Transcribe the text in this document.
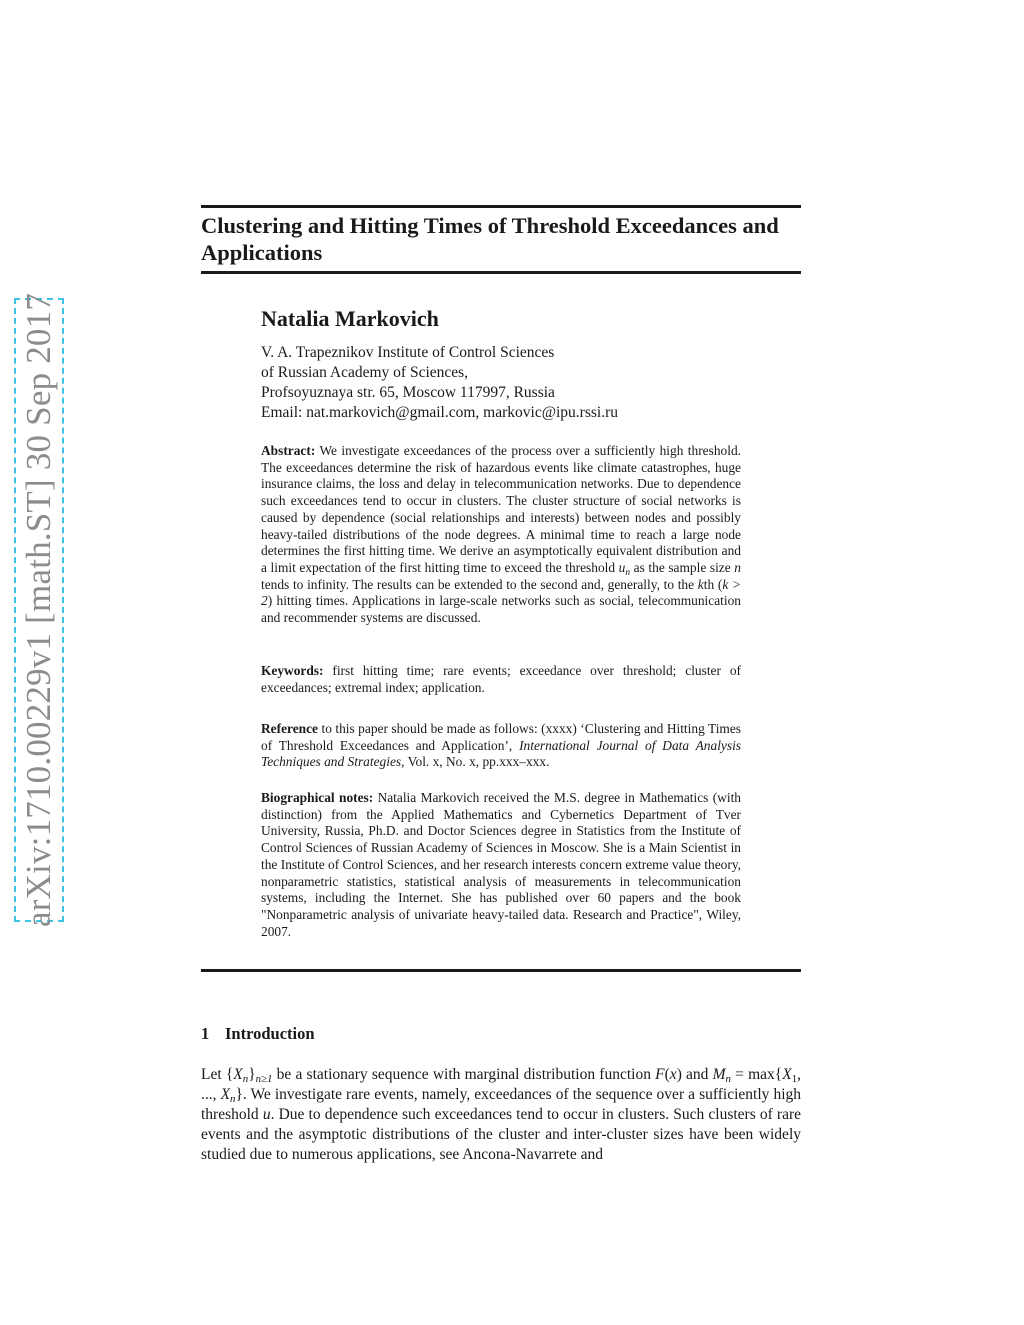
arXiv:1710.00229v1 [math.ST] 30 Sep 2017
Clustering and Hitting Times of Threshold Exceedances and Applications
Natalia Markovich
V. A. Trapeznikov Institute of Control Sciences
of Russian Academy of Sciences,
Profsoyuznaya str. 65, Moscow 117997, Russia
Email: nat.markovich@gmail.com, markovic@ipu.rssi.ru

Abstract: We investigate exceedances of the process over a sufficiently high threshold. The exceedances determine the risk of hazardous events like climate catastrophes, huge insurance claims, the loss and delay in telecommunication networks. Due to dependence such exceedances tend to occur in clusters. The cluster structure of social networks is caused by dependence (social relationships and interests) between nodes and possibly heavy-tailed distributions of the node degrees. A minimal time to reach a large node determines the first hitting time. We derive an asymptotically equivalent distribution and a limit expectation of the first hitting time to exceed the threshold $u_n$ as the sample size n tends to infinity. The results can be extended to the second and, generally, to the kth (k > 2) hitting times. Applications in large-scale networks such as social, telecommunication and recommender systems are discussed.

Keywords: first hitting time; rare events; exceedance over threshold; cluster of exceedances; extremal index; application.

Reference to this paper should be made as follows: (xxxx) ‘Clustering and Hitting Times of Threshold Exceedances and Application’, International Journal of Data Analysis Techniques and Strategies, Vol. x, No. x, pp.xxx–xxx.

Biographical notes: Natalia Markovich received the M.S. degree in Mathematics (with distinction) from the Applied Mathematics and Cybernetics Department of Tver University, Russia, Ph.D. and Doctor Sciences degree in Statistics from the Institute of Control Sciences of Russian Academy of Sciences in Moscow. She is a Main Scientist in the Institute of Control Sciences, and her research interests concern extreme value theory, nonparametric statistics, statistical analysis of measurements in telecommunication systems, including the Internet. She has published over 60 papers and the book "Nonparametric analysis of univariate heavy-tailed data. Research and Practice", Wiley, 2007.

1 Introduction

Let $\{X_n\}_{n\ge 1}$ be a stationary sequence with marginal distribution function F(x) and $M_n = \max\{X_1$, ..., $X_n$}. We investigate rare events, namely, exceedances of the sequence over a sufficiently high threshold u. Due to dependence such exceedances tend to occur in clusters. Such clusters of rare events and the asymptotic distributions of the cluster and inter-cluster sizes have been widely studied due to numerous applications, see Ancona-Navarrete and
